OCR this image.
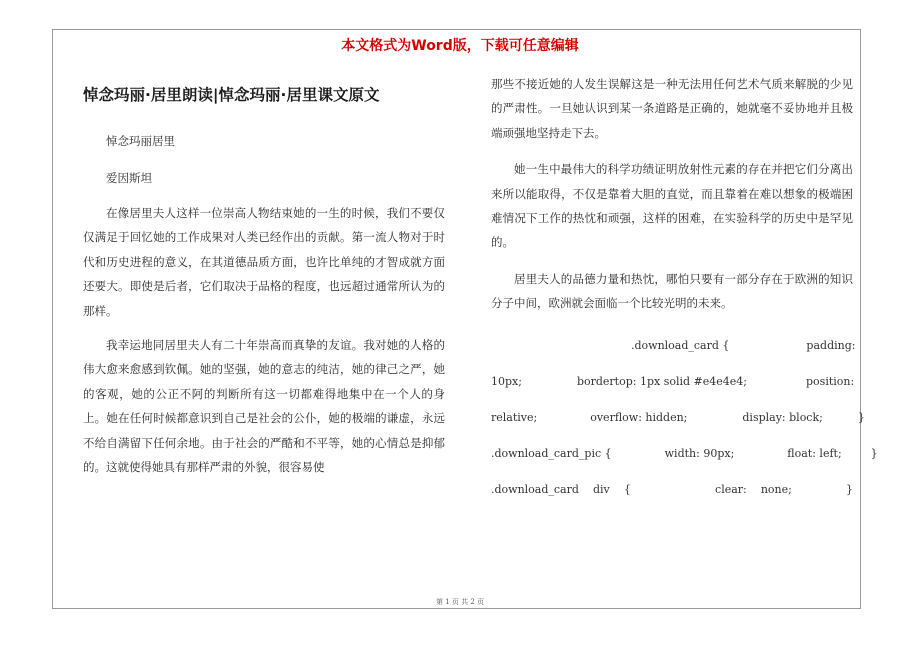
本文格式为Word版，下载可任意编辑
悼念玛丽·居里朗读|悼念玛丽·居里课文原文

悼念玛丽居里

爱因斯坦

在像居里夫人这样一位崇高人物结束她的一生的时候，我们不要仅仅满足于回忆她的工作成果对人类已经作出的贡献。第一流人物对于时代和历史进程的意义，在其道德品质方面，也许比单纯的才智成就方面还要大。即使是后者，它们取决于品格的程度，也远超过通常所认为的那样。

我幸运地同居里夫人有二十年崇高而真挚的友谊。我对她的人格的伟大愈来愈感到钦佩。她的坚强，她的意志的纯洁，她的律己之严，她的客观，她的公正不阿的判断所有这一切都难得地集中在一个人的身上。她在任何时候都意识到自己是社会的公仆，她的极端的谦虚，永远不给自满留下任何余地。由于社会的严酷和不平等，她的心情总是抑郁的。这就使得她具有那样严肃的外貌，很容易使

那些不接近她的人发生误解这是一种无法用任何艺术气质来解脱的少见的严肃性。一旦她认识到某一条道路是正确的，她就毫不妥协地并且极端顽强地坚持走下去。

她一生中最伟大的科学功绩证明放射性元素的存在并把它们分离出来所以能取得，不仅是靠着大胆的直觉，而且靠着在难以想象的极端困难情况下工作的热忱和顽强，这样的困难，在实验科学的历史中是罕见的。

居里夫人的品德力量和热忱，哪怕只要有一部分存在于欧洲的知识分子中间，欧洲就会面临一个比较光明的未来。

.download_card {	padding:
10px;	bordertop: 1px solid #e4e4e4;	position:
relative;	overflow: hidden;	display: block;	}
.download_card_pic {	width: 90px;	float: left;	}
.download_card div {	clear: none;	}
第 1 页 共 2 页
